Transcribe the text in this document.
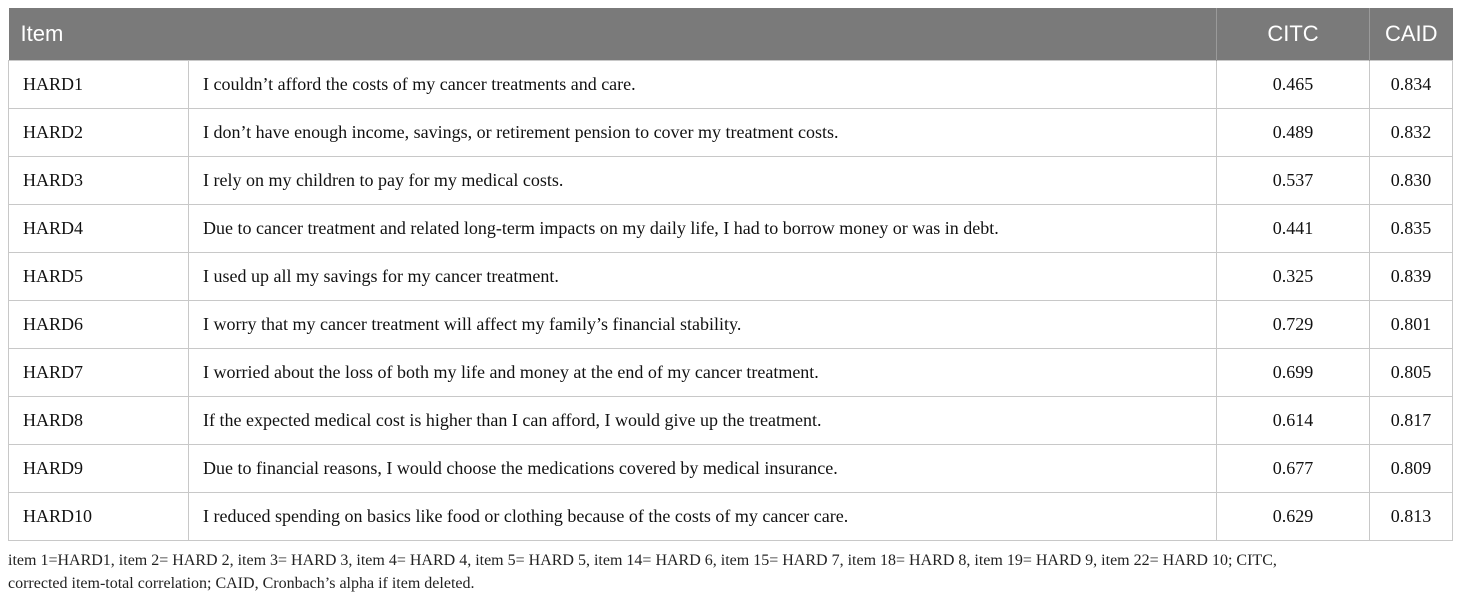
Item		CITC	CAID
HARD1	I couldn’t afford the costs of my cancer treatments and care.	0.465	0.834
HARD2	I don’t have enough income, savings, or retirement pension to cover my treatment costs.	0.489	0.832
HARD3	I rely on my children to pay for my medical costs.	0.537	0.830
HARD4	Due to cancer treatment and related long-term impacts on my daily life, I had to borrow money or was in debt.	0.441	0.835
HARD5	I used up all my savings for my cancer treatment.	0.325	0.839
HARD6	I worry that my cancer treatment will affect my family’s financial stability.	0.729	0.801
HARD7	I worried about the loss of both my life and money at the end of my cancer treatment.	0.699	0.805
HARD8	If the expected medical cost is higher than I can afford, I would give up the treatment.	0.614	0.817
HARD9	Due to financial reasons, I would choose the medications covered by medical insurance.	0.677	0.809
HARD10	I reduced spending on basics like food or clothing because of the costs of my cancer care.	0.629	0.813
item 1=HARD1, item 2= HARD 2, item 3= HARD 3, item 4= HARD 4, item 5= HARD 5, item 14= HARD 6, item 15= HARD 7, item 18= HARD 8, item 19= HARD 9, item 22= HARD 10; CITC,
corrected item-total correlation; CAID, Cronbach’s alpha if item deleted.
